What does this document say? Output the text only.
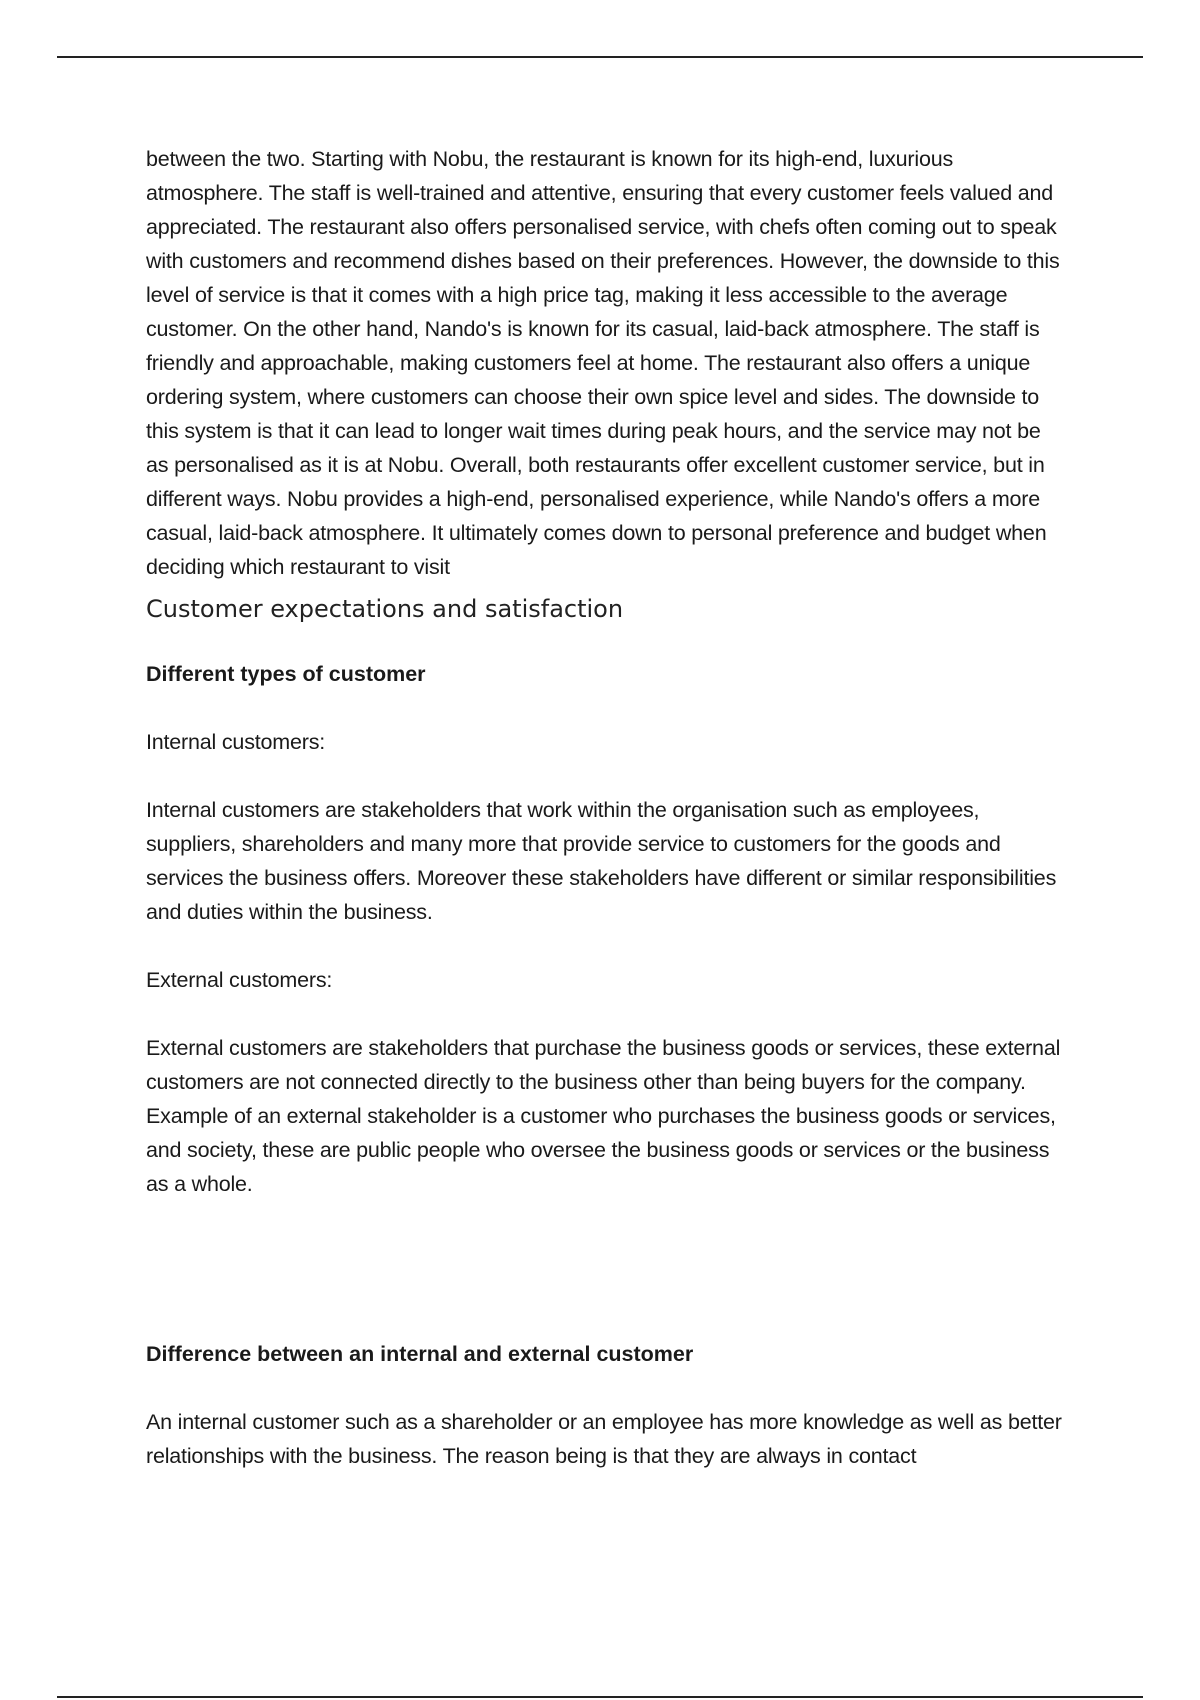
between the two. Starting with Nobu, the restaurant is known for its high-end, luxurious atmosphere. The staff is well-trained and attentive, ensuring that every customer feels valued and appreciated. The restaurant also offers personalised service, with chefs often coming out to speak with customers and recommend dishes based on their preferences. However, the downside to this level of service is that it comes with a high price tag, making it less accessible to the average customer. On the other hand, Nando's is known for its casual, laid-back atmosphere. The staff is friendly and approachable, making customers feel at home. The restaurant also offers a unique ordering system, where customers can choose their own spice level and sides. The downside to this system is that it can lead to longer wait times during peak hours, and the service may not be as personalised as it is at Nobu. Overall, both restaurants offer excellent customer service, but in different ways. Nobu provides a high-end, personalised experience, while Nando's offers a more casual, laid-back atmosphere. It ultimately comes down to personal preference and budget when deciding which restaurant to visit

Customer expectations and satisfaction
Different types of customer

Internal customers:

Internal customers are stakeholders that work within the organisation such as employees, suppliers, shareholders and many more that provide service to customers for the goods and services the business offers. Moreover these stakeholders have different or similar responsibilities and duties within the business.

External customers:

External customers are stakeholders that purchase the business goods or services, these external customers are not connected directly to the business other than being buyers for the company. Example of an external stakeholder is a customer who purchases the business goods or services, and society, these are public people who oversee the business goods or services or the business as a whole.

Difference between an internal and external customer

An internal customer such as a shareholder or an employee has more knowledge as well as better relationships with the business. The reason being is that they are always in contact
